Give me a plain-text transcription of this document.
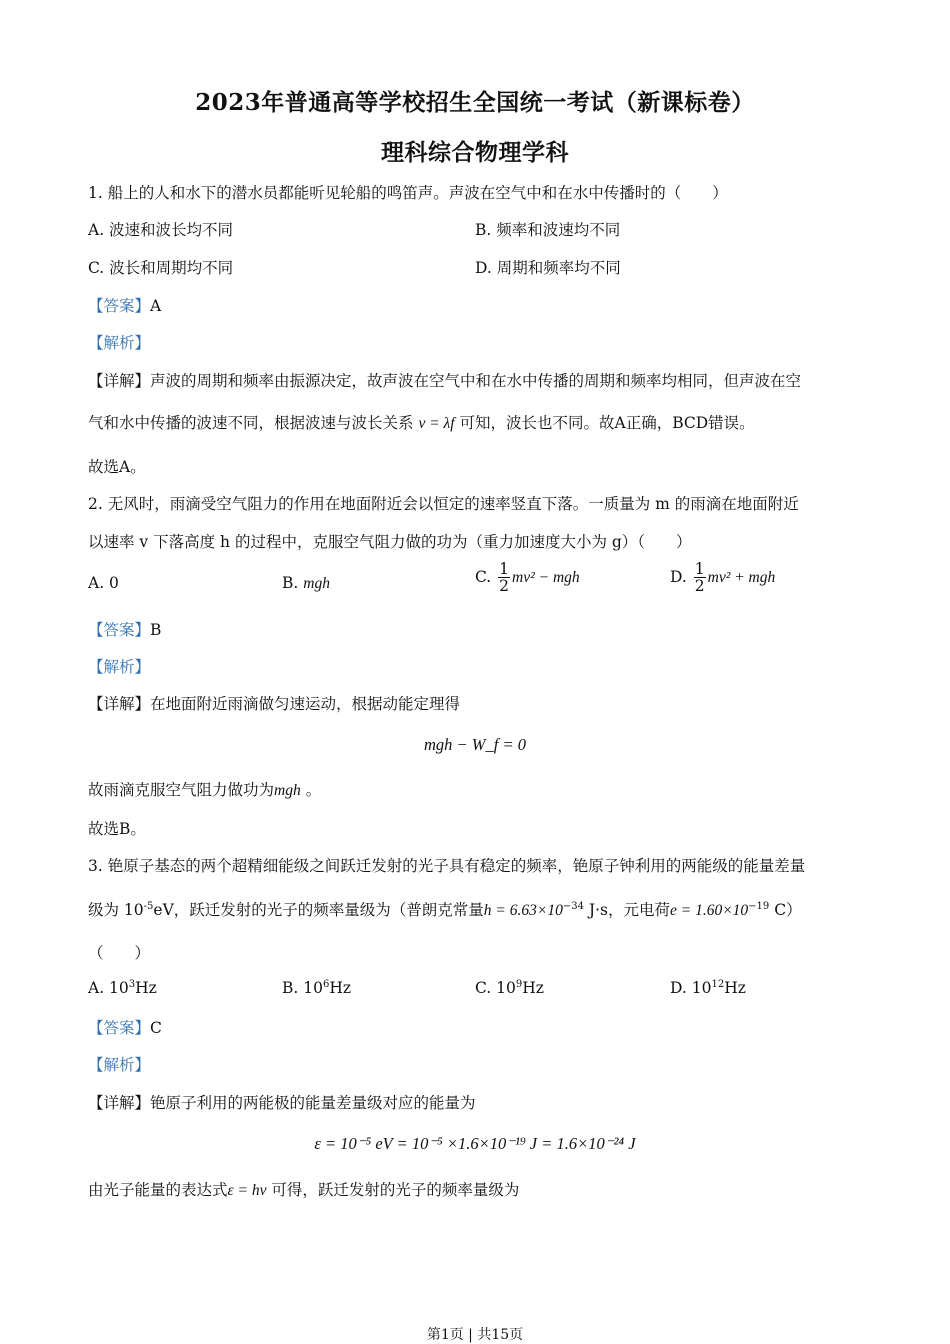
2023年普通高等学校招生全国统一考试（新课标卷）
理科综合物理学科
1. 船上的人和水下的潜水员都能听见轮船的鸣笛声。声波在空气中和在水中传播时的（　　）
A. 波速和波长均不同	B. 频率和波速均不同
C. 波长和周期均不同	D. 周期和频率均不同
【答案】A
【解析】
【详解】声波的周期和频率由振源决定，故声波在空气中和在水中传播的周期和频率均相同，但声波在空
气和水中传播的波速不同，根据波速与波长关系 v = λf 可知，波长也不同。故A正确，BCD错误。
故选A。
2. 无风时，雨滴受空气阻力的作用在地面附近会以恒定的速率竖直下落。一质量为 m 的雨滴在地面附近
以速率 v 下落高度 h 的过程中，克服空气阻力做的功为（重力加速度大小为 g）（　　）
A. 0	B. mgh	C. $\frac{1}{2} mv^2$ − mgh	D. $\frac{1}{2} mv^2$ + mgh
【答案】B
【解析】
【详解】在地面附近雨滴做匀速运动，根据动能定理得
mgh − W_f = 0
故雨滴克服空气阻力做功为mgh 。
故选B。
3. 铯原子基态的两个超精细能级之间跃迁发射的光子具有稳定的频率，铯原子钟利用的两能级的能量差量
级为 $10^{-5}eV$，跃迁发射的光子的频率量级为（普朗克常量$h = 6.63\times 10^{-34}$ J·s，元电荷$e = 1.60\times 10^{-19}$ C）
（　　）
A. $10^3Hz$	B. $10^6Hz$	C. $10^9Hz$	D. $10^{12}Hz$
【答案】C
【解析】
【详解】铯原子利用的两能极的能量差量级对应的能量为
ε = 10⁻⁵ eV = 10⁻⁵ ×1.6×10⁻¹⁹ J = 1.6×10⁻²⁴ J
由光子能量的表达式ε = hν 可得，跃迁发射的光子的频率量级为
第1页 | 共15页
